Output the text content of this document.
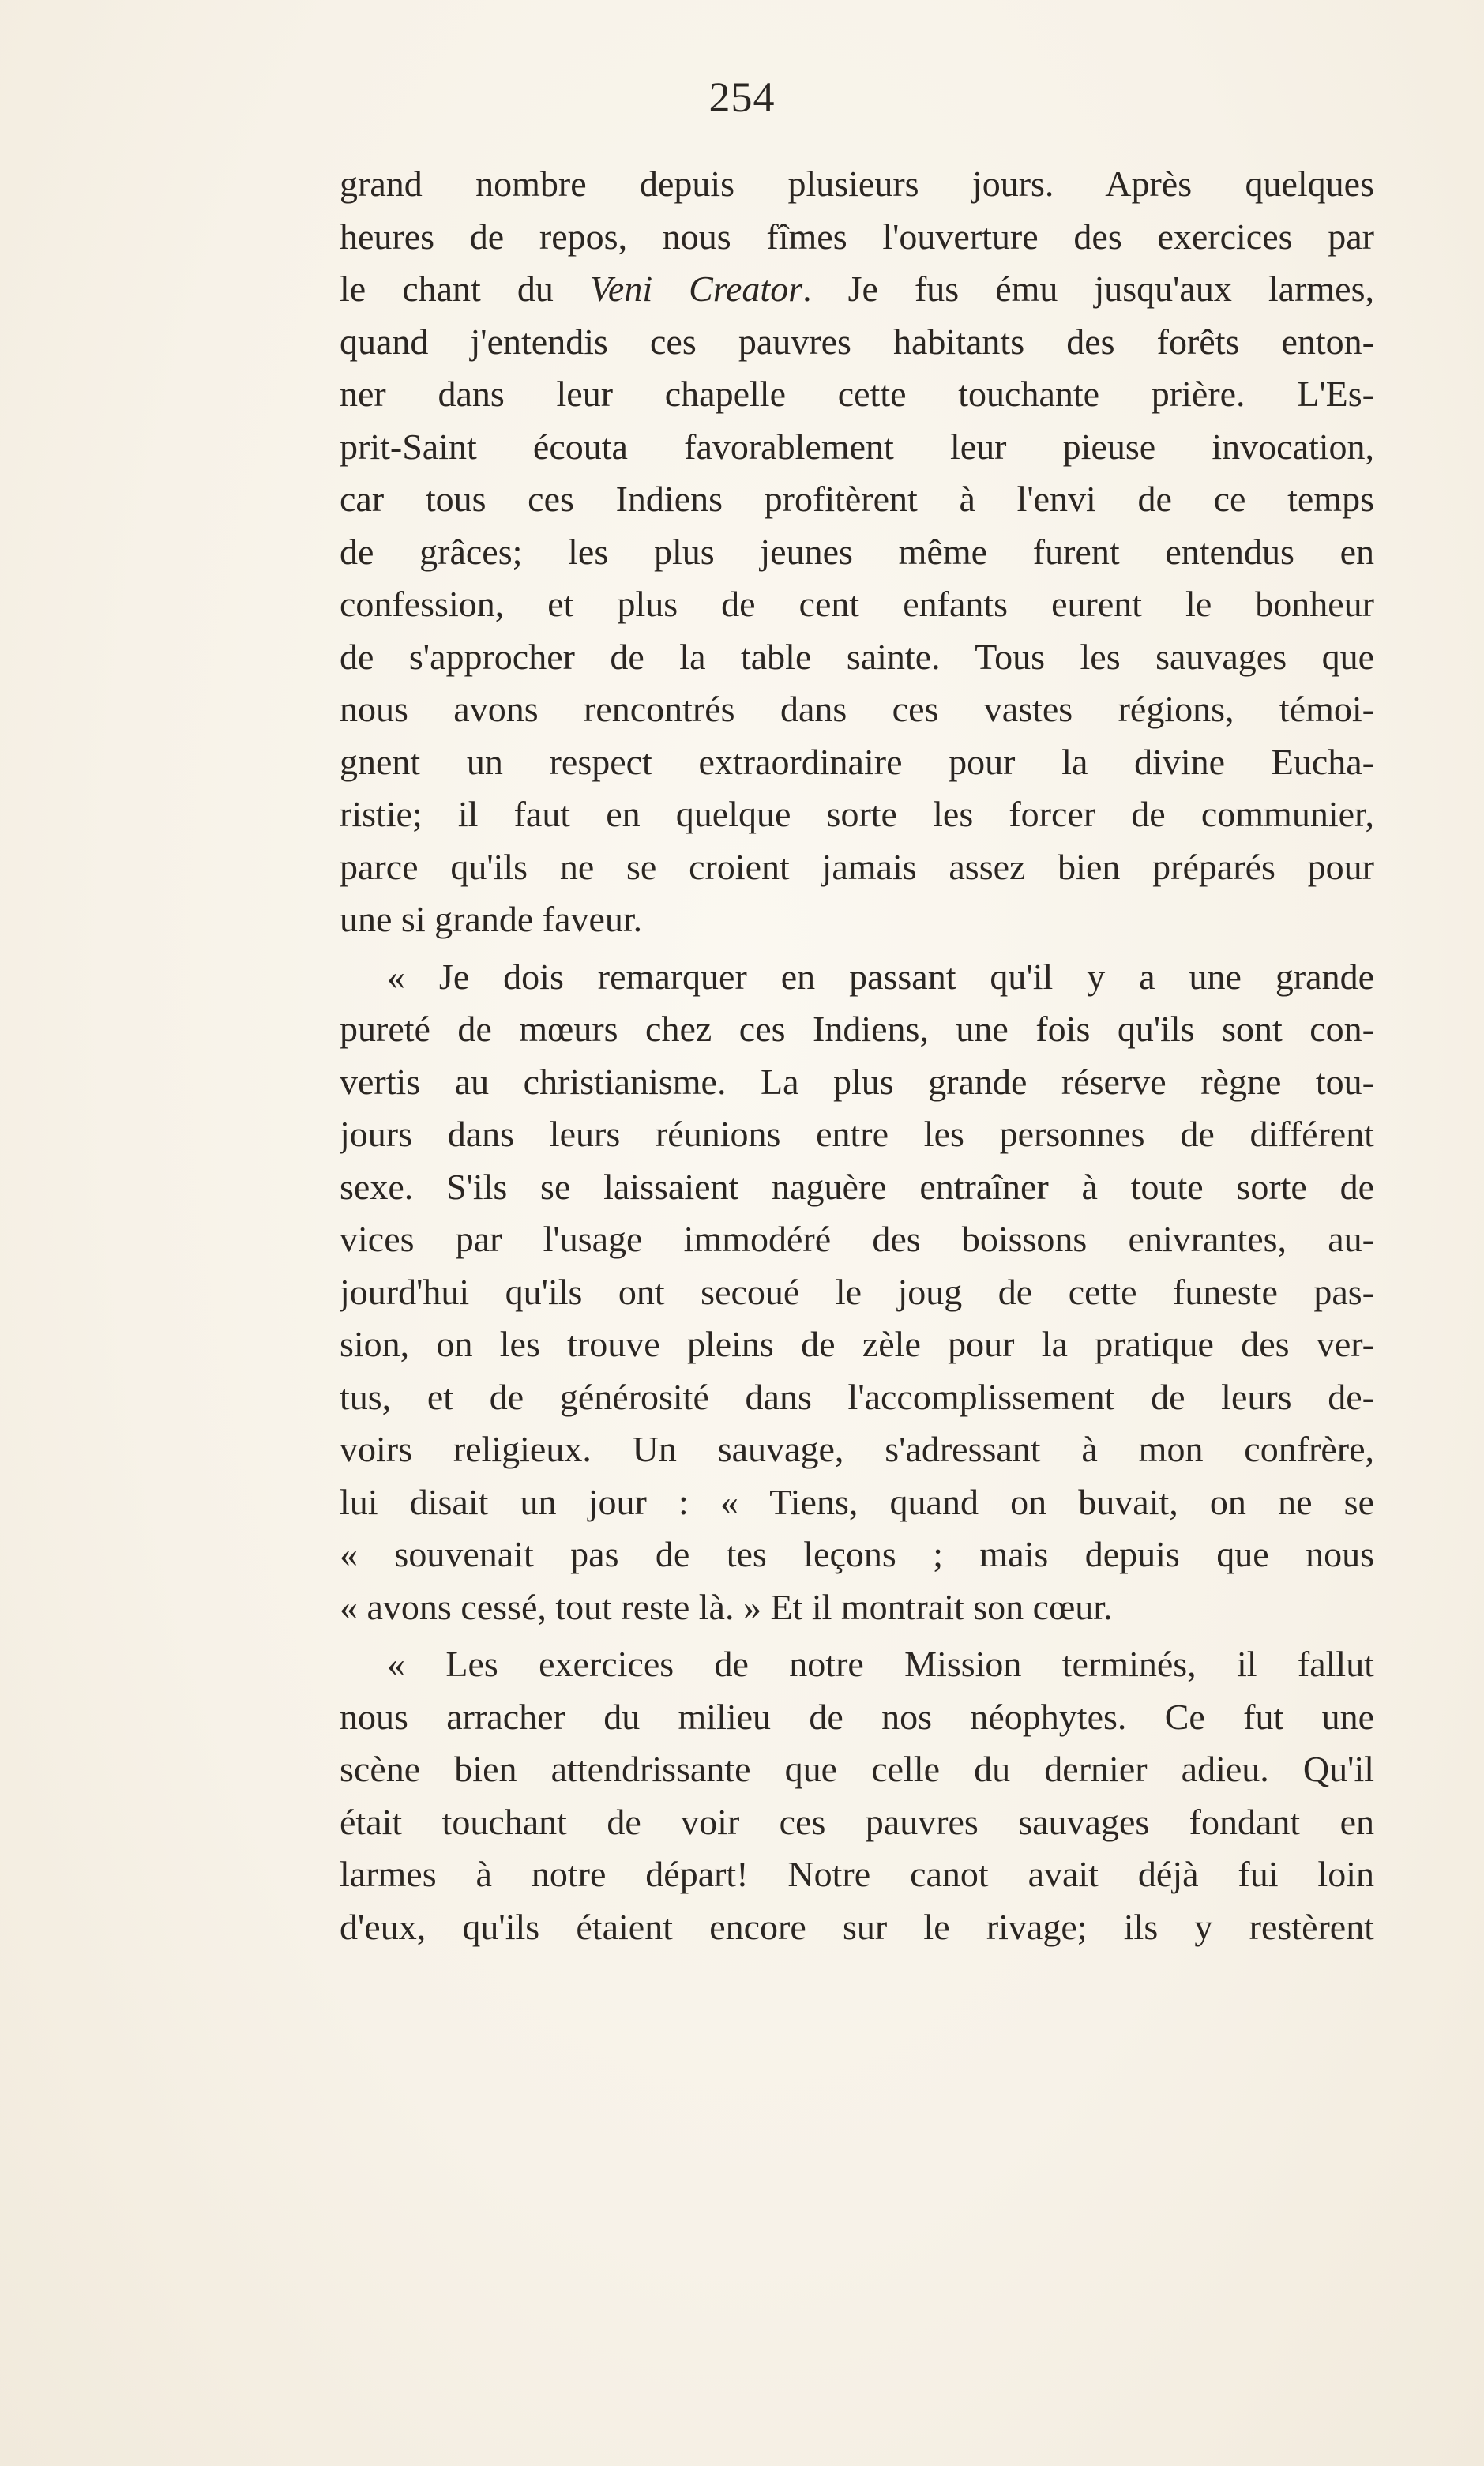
254
grand nombre depuis plusieurs jours. Après quelques
heures de repos, nous fîmes l'ouverture des exercices par
le chant du Veni Creator. Je fus ému jusqu'aux larmes,
quand j'entendis ces pauvres habitants des forêts enton-
ner dans leur chapelle cette touchante prière. L'Es-
prit-Saint écouta favorablement leur pieuse invocation,
car tous ces Indiens profitèrent à l'envi de ce temps
de grâces; les plus jeunes même furent entendus en
confession, et plus de cent enfants eurent le bonheur
de s'approcher de la table sainte. Tous les sauvages que
nous avons rencontrés dans ces vastes régions, témoi-
gnent un respect extraordinaire pour la divine Eucha-
ristie; il faut en quelque sorte les forcer de communier,
parce qu'ils ne se croient jamais assez bien préparés pour
une si grande faveur.
« Je dois remarquer en passant qu'il y a une grande
pureté de mœurs chez ces Indiens, une fois qu'ils sont con-
vertis au christianisme. La plus grande réserve règne tou-
jours dans leurs réunions entre les personnes de différent
sexe. S'ils se laissaient naguère entraîner à toute sorte de
vices par l'usage immodéré des boissons enivrantes, au-
jourd'hui qu'ils ont secoué le joug de cette funeste pas-
sion, on les trouve pleins de zèle pour la pratique des ver-
tus, et de générosité dans l'accomplissement de leurs de-
voirs religieux. Un sauvage, s'adressant à mon confrère,
lui disait un jour : « Tiens, quand on buvait, on ne se
« souvenait pas de tes leçons ; mais depuis que nous
« avons cessé, tout reste là. » Et il montrait son cœur.
« Les exercices de notre Mission terminés, il fallut
nous arracher du milieu de nos néophytes. Ce fut une
scène bien attendrissante que celle du dernier adieu. Qu'il
était touchant de voir ces pauvres sauvages fondant en
larmes à notre départ! Notre canot avait déjà fui loin
d'eux, qu'ils étaient encore sur le rivage; ils y restèrent
